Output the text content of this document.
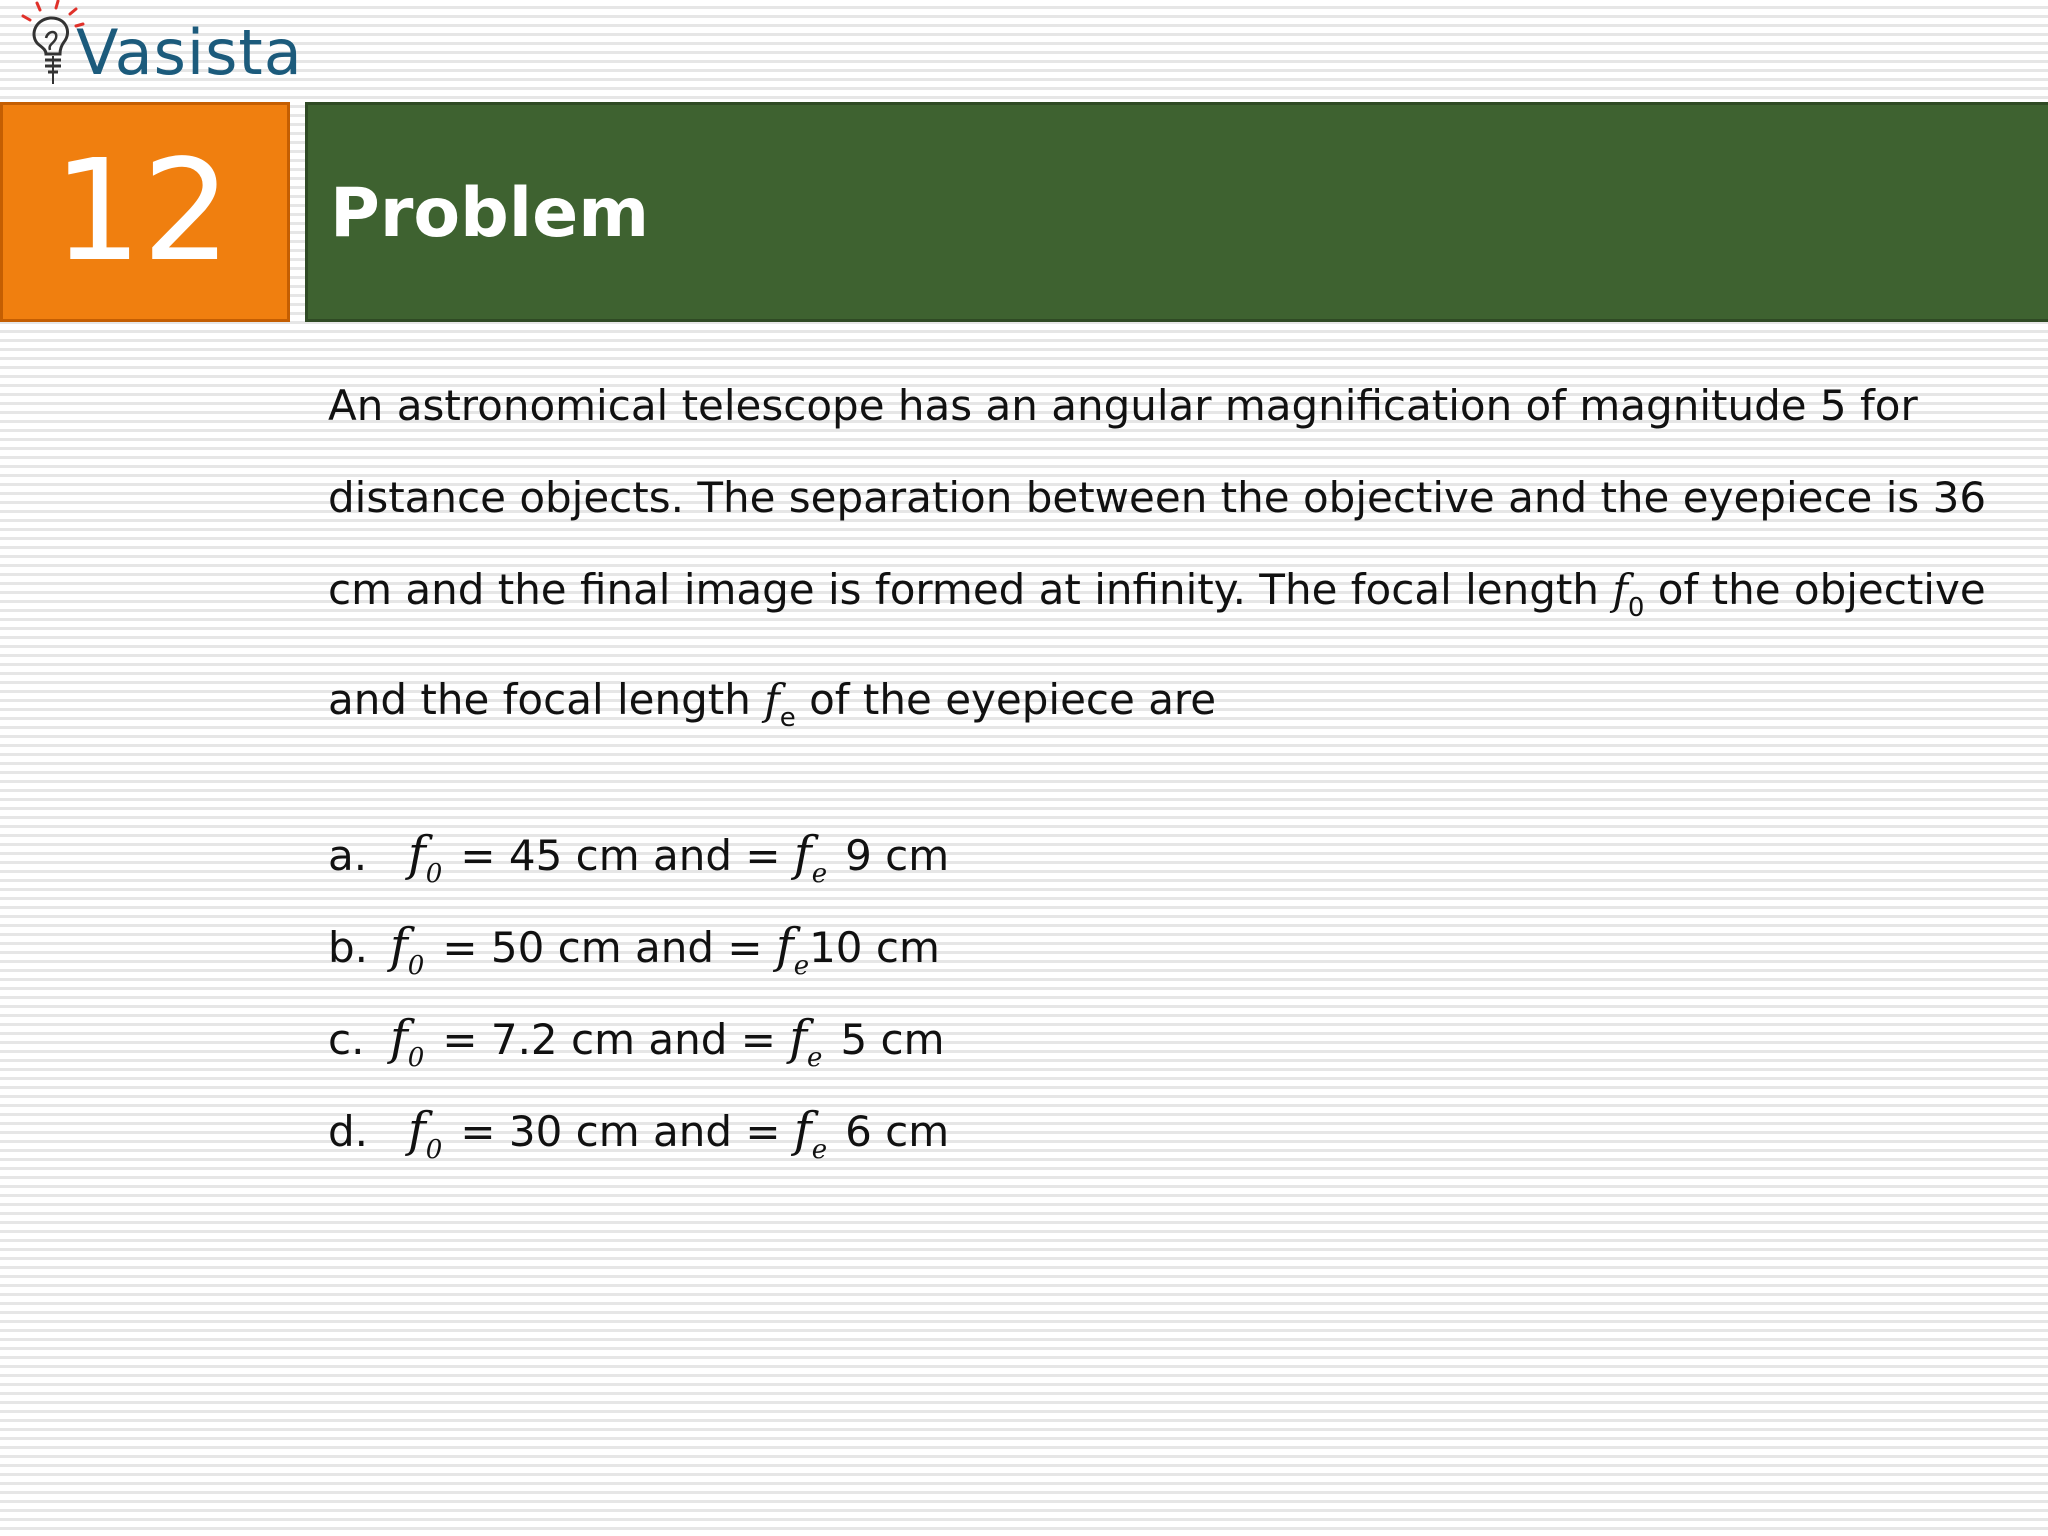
Vasista
12 Problem
An astronomical telescope has an angular magnification of magnitude 5 for distance objects. The separation between the objective and the eyepiece is 36 cm and the final image is formed at infinity. The focal length $f_0$ of the objective and the focal length $f_e$ of the eyepiece are
a. $f_0 = 45$ cm and = $f_e$ 9 cm
b. $f_0 = 50$ cm and = $f_e10$ cm
c. $f_0 = 7.2$ cm and = $f_e$ 5 cm
d. $f_0 = 30$ cm and = $f_e$ 6 cm
